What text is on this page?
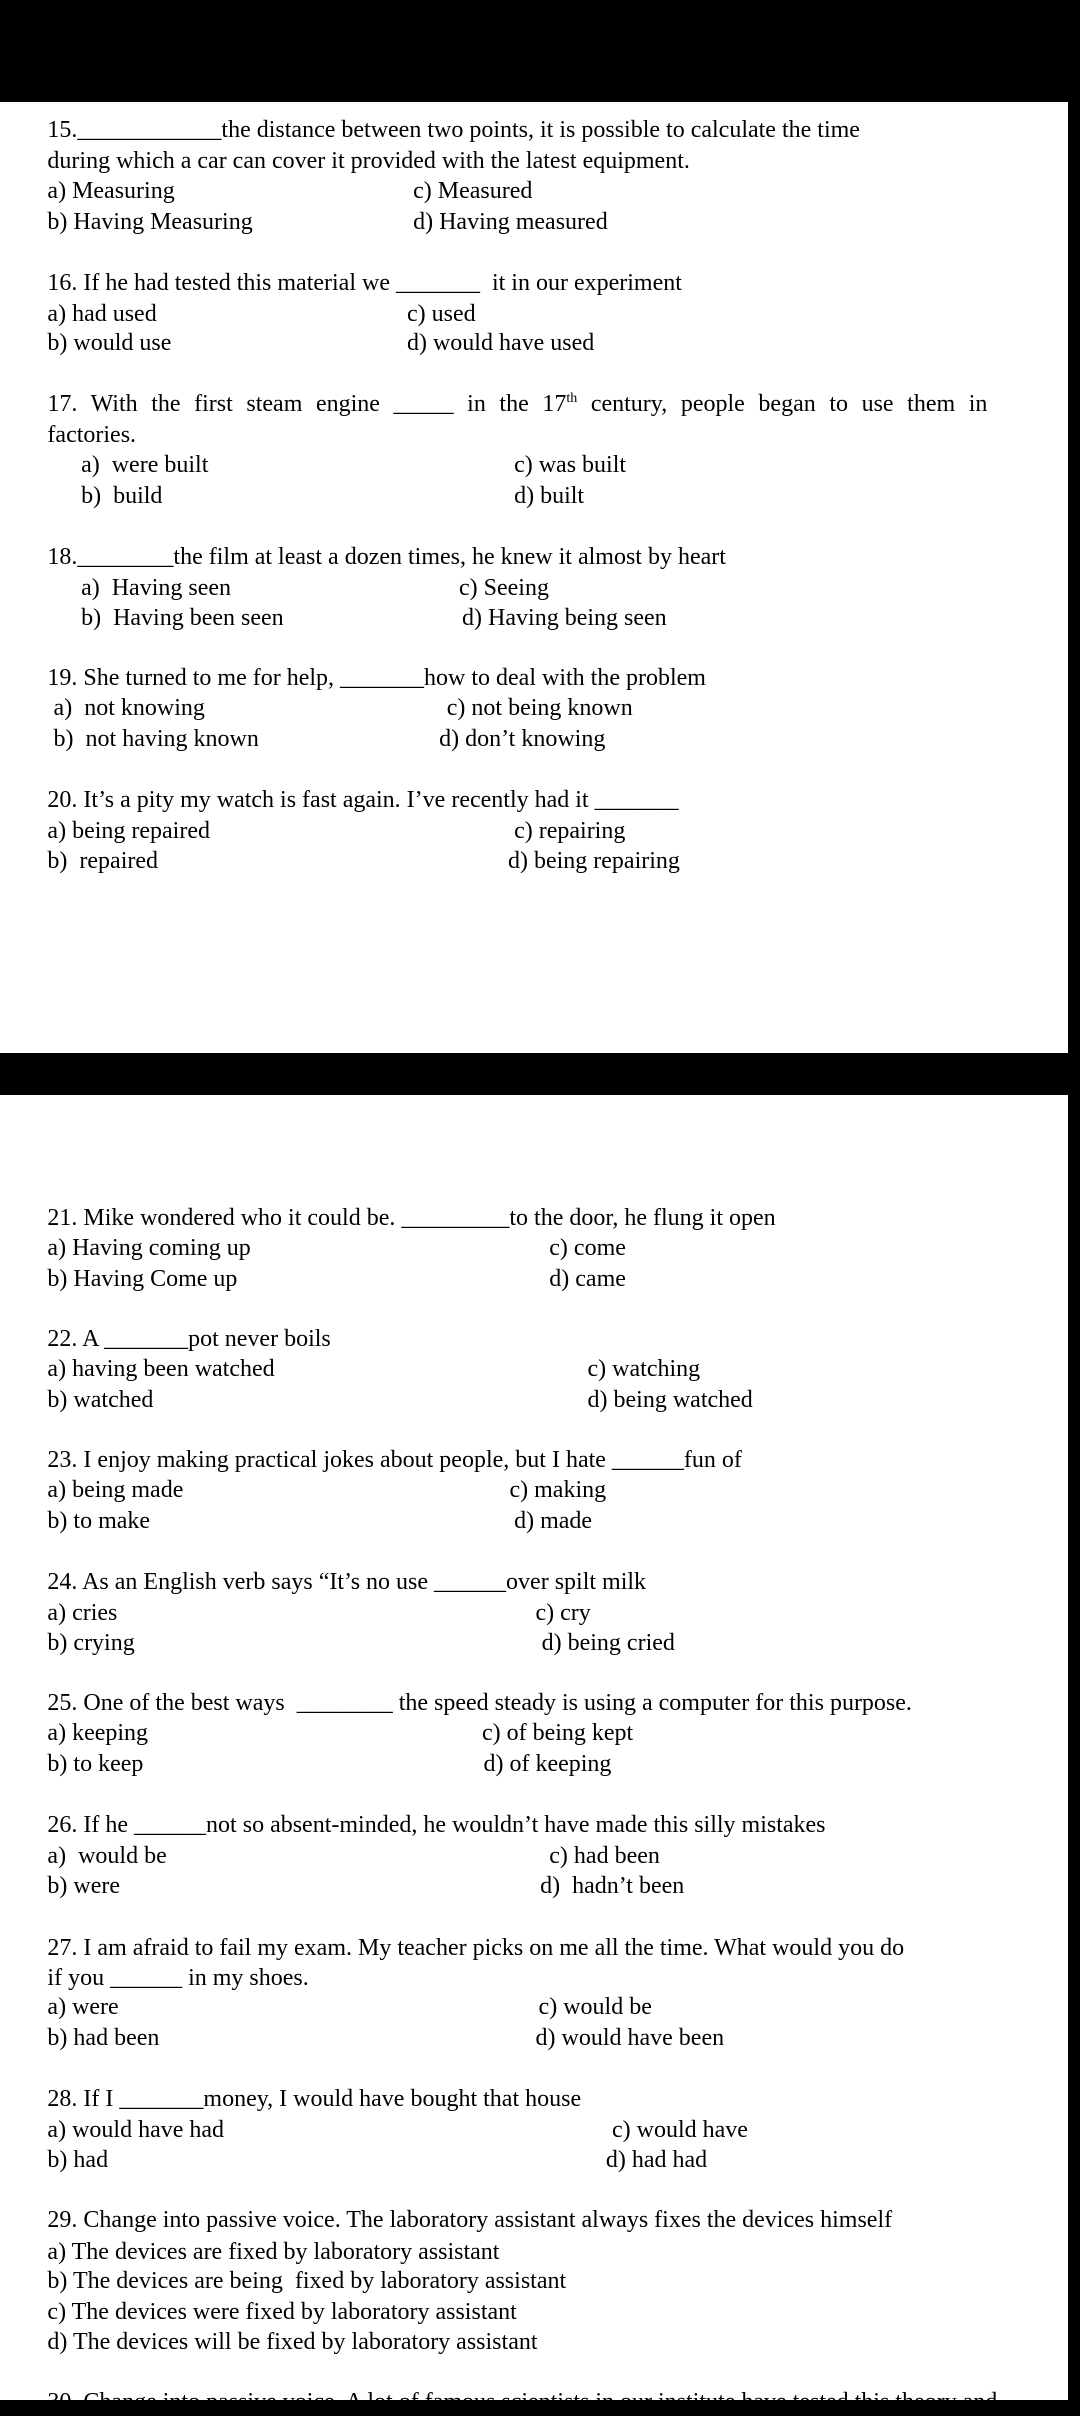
15.____________the distance between two points, it is possible to calculate the time
during which a car can cover it provided with the latest equipment.
a) Measuring	c) Measured
b) Having Measuring	d) Having measured
16. If he had tested this material we _______  it in our experiment
a) had used	c) used
b) would use	d) would have used
17. With the first steam engine _____ in the 17th century, people began to use them in
factories.
a)  were built	c) was built
b)  build	d) built
18.________the film at least a dozen times, he knew it almost by heart
a)  Having seen	c) Seeing
b)  Having been seen	d) Having being seen
19. She turned to me for help, _______how to deal with the problem
a)  not knowing	c) not being known
b)  not having known	d) don’t knowing
20. It’s a pity my watch is fast again. I’ve recently had it _______
a) being repaired	c) repairing
b)  repaired	d) being repairing
21. Mike wondered who it could be. _________to the door, he flung it open
a) Having coming up	c) come
b) Having Come up	d) came
22. A _______pot never boils
a) having been watched	c) watching
b) watched	d) being watched
23. I enjoy making practical jokes about people, but I hate ______fun of
a) being made	c) making
b) to make	d) made
24. As an English verb says “It’s no use ______over spilt milk
a) cries	c) cry
b) crying	d) being cried
25. One of the best ways  ________ the speed steady is using a computer for this purpose.
a) keeping	c) of being kept
b) to keep	d) of keeping
26. If he ______not so absent-minded, he wouldn’t have made this silly mistakes
a)  would be	c) had been
b) were	d)  hadn’t been
27. I am afraid to fail my exam. My teacher picks on me all the time. What would you do
if you ______ in my shoes.
a) were	c) would be
b) had been	d) would have been
28. If I _______money, I would have bought that house
a) would have had	c) would have
b) had	d) had had
29. Change into passive voice. The laboratory assistant always fixes the devices himself
a) The devices are fixed by laboratory assistant
b) The devices are being  fixed by laboratory assistant
c) The devices were fixed by laboratory assistant
d) The devices will be fixed by laboratory assistant
30. Change into passive voice. A lot of famous scientists in our institute have tested this theory and
